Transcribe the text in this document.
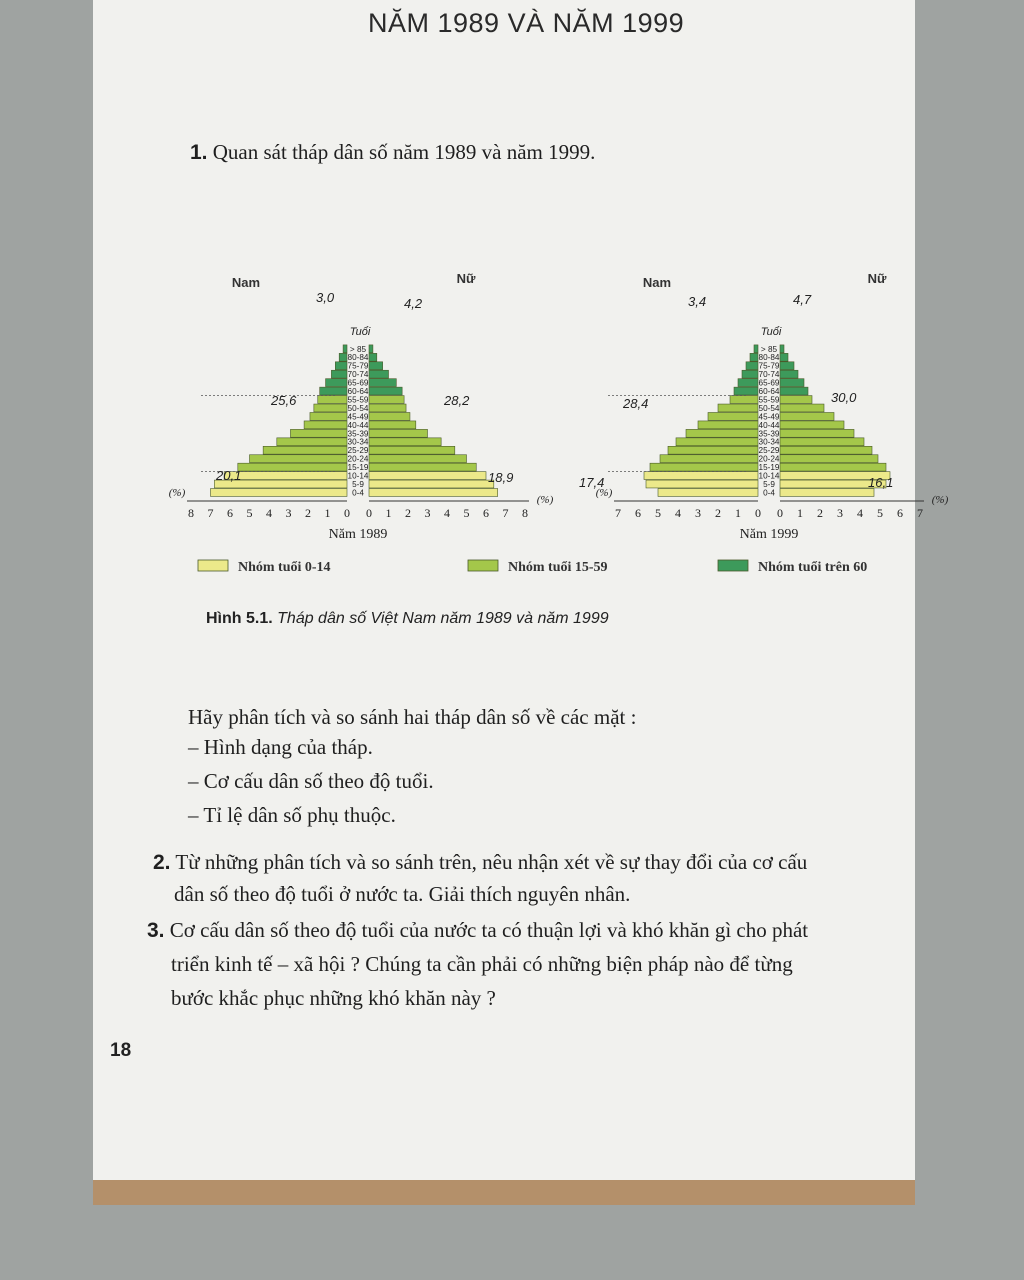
NĂM 1989 VÀ NĂM 1999
1. Quan sát tháp dân số năm 1989 và năm 1999.
0-4
5-9
10-14
15-19
20-24
25-29
30-34
35-39
40-44
45-49
50-54
55-59
60-64
65-69
70-74
75-79
80-84
> 85
Tuổi
Nam	Nữ
8 7 6 5 4 3 2 1 0 0 1 2 3 4 5 6 7 8
(%)
(%)
Năm 1989
20,1
25,6
3,0
18,9
28,2
4,2
0-4
5-9
10-14
15-19
20-24
25-29
30-34
35-39
40-44
45-49
50-54
55-59
60-64
65-69
70-74
75-79
80-84
> 85
Tuổi
Nam	Nữ
7 6 5 4 3 2 1 0 0 1 2 3 4 5 6 7
(%)
(%)
Năm 1999
17,4
28,4
3,4
16,1
30,0
4,7
Nhóm tuổi 0-14	Nhóm tuổi 15-59	Nhóm tuổi trên 60
Hình 5.1. Tháp dân số Việt Nam năm 1989 và năm 1999
Hãy phân tích và so sánh hai tháp dân số về các mặt :
– Hình dạng của tháp.
– Cơ cấu dân số theo độ tuổi.
– Tỉ lệ dân số phụ thuộc.
2. Từ những phân tích và so sánh trên, nêu nhận xét về sự thay đổi của cơ cấu
dân số theo độ tuổi ở nước ta. Giải thích nguyên nhân.
3. Cơ cấu dân số theo độ tuổi của nước ta có thuận lợi và khó khăn gì cho phát
triển kinh tế – xã hội ? Chúng ta cần phải có những biện pháp nào để từng
bước khắc phục những khó khăn này ?
18
